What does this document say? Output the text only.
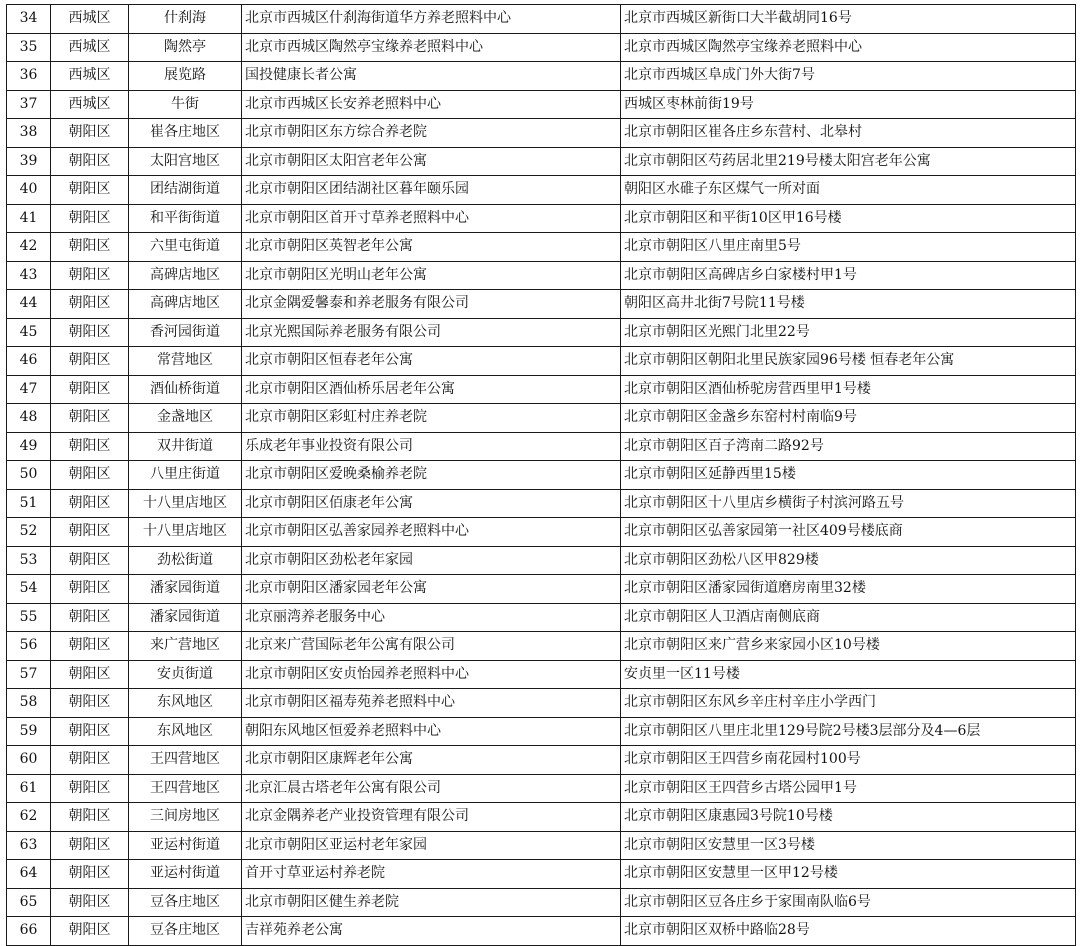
34	西城区	什刹海	北京市西城区什刹海街道华方养老照料中心	北京市西城区新街口大半截胡同16号
35	西城区	陶然亭	北京市西城区陶然亭宝缘养老照料中心	北京市西城区陶然亭宝缘养老照料中心
36	西城区	展览路	国投健康长者公寓	北京市西城区阜成门外大街7号
37	西城区	牛街	北京市西城区长安养老照料中心	西城区枣林前街19号
38	朝阳区	崔各庄地区	北京市朝阳区东方综合养老院	北京市朝阳区崔各庄乡东营村、北皋村
39	朝阳区	太阳宫地区	北京市朝阳区太阳宫老年公寓	北京市朝阳区芍药居北里219号楼太阳宫老年公寓
40	朝阳区	团结湖街道	北京市朝阳区团结湖社区暮年颐乐园	朝阳区水碓子东区煤气一所对面
41	朝阳区	和平街街道	北京市朝阳区首开寸草养老照料中心	北京市朝阳区和平街10区甲16号楼
42	朝阳区	六里屯街道	北京市朝阳区英智老年公寓	北京市朝阳区八里庄南里5号
43	朝阳区	高碑店地区	北京市朝阳区光明山老年公寓	北京市朝阳区高碑店乡白家楼村甲1号
44	朝阳区	高碑店地区	北京金隅爱馨泰和养老服务有限公司	朝阳区高井北街7号院11号楼
45	朝阳区	香河园街道	北京光熙国际养老服务有限公司	北京市朝阳区光熙门北里22号
46	朝阳区	常营地区	北京市朝阳区恒春老年公寓	北京市朝阳区朝阳北里民族家园96号楼 恒春老年公寓
47	朝阳区	酒仙桥街道	北京市朝阳区酒仙桥乐居老年公寓	北京市朝阳区酒仙桥驼房营西里甲1号楼
48	朝阳区	金盏地区	北京市朝阳区彩虹村庄养老院	北京市朝阳区金盏乡东窑村村南临9号
49	朝阳区	双井街道	乐成老年事业投资有限公司	北京市朝阳区百子湾南二路92号
50	朝阳区	八里庄街道	北京市朝阳区爱晚桑榆养老院	北京市朝阳区延静西里15楼
51	朝阳区	十八里店地区	北京市朝阳区佰康老年公寓	北京市朝阳区十八里店乡横街子村滨河路五号
52	朝阳区	十八里店地区	北京市朝阳区弘善家园养老照料中心	北京市朝阳区弘善家园第一社区409号楼底商
53	朝阳区	劲松街道	北京市朝阳区劲松老年家园	北京市朝阳区劲松八区甲829楼
54	朝阳区	潘家园街道	北京市朝阳区潘家园老年公寓	北京市朝阳区潘家园街道磨房南里32楼
55	朝阳区	潘家园街道	北京丽湾养老服务中心	北京市朝阳区人卫酒店南侧底商
56	朝阳区	来广营地区	北京来广营国际老年公寓有限公司	北京市朝阳区来广营乡来家园小区10号楼
57	朝阳区	安贞街道	北京市朝阳区安贞怡园养老照料中心	安贞里一区11号楼
58	朝阳区	东风地区	北京市朝阳区福寿苑养老照料中心	北京市朝阳区东风乡辛庄村辛庄小学西门
59	朝阳区	东风地区	朝阳东风地区恒爱养老照料中心	北京市朝阳区八里庄北里129号院2号楼3层部分及4—6层
60	朝阳区	王四营地区	北京市朝阳区康辉老年公寓	北京市朝阳区王四营乡南花园村100号
61	朝阳区	王四营地区	北京汇晨古塔老年公寓有限公司	北京市朝阳区王四营乡古塔公园甲1号
62	朝阳区	三间房地区	北京金隅养老产业投资管理有限公司	北京市朝阳区康惠园3号院10号楼
63	朝阳区	亚运村街道	北京市朝阳区亚运村老年家园	北京市朝阳区安慧里一区3号楼
64	朝阳区	亚运村街道	首开寸草亚运村养老院	北京市朝阳区安慧里一区甲12号楼
65	朝阳区	豆各庄地区	北京市朝阳区健生养老院	北京市朝阳区豆各庄乡于家围南队临6号
66	朝阳区	豆各庄地区	吉祥苑养老公寓	北京市朝阳区双桥中路临28号
